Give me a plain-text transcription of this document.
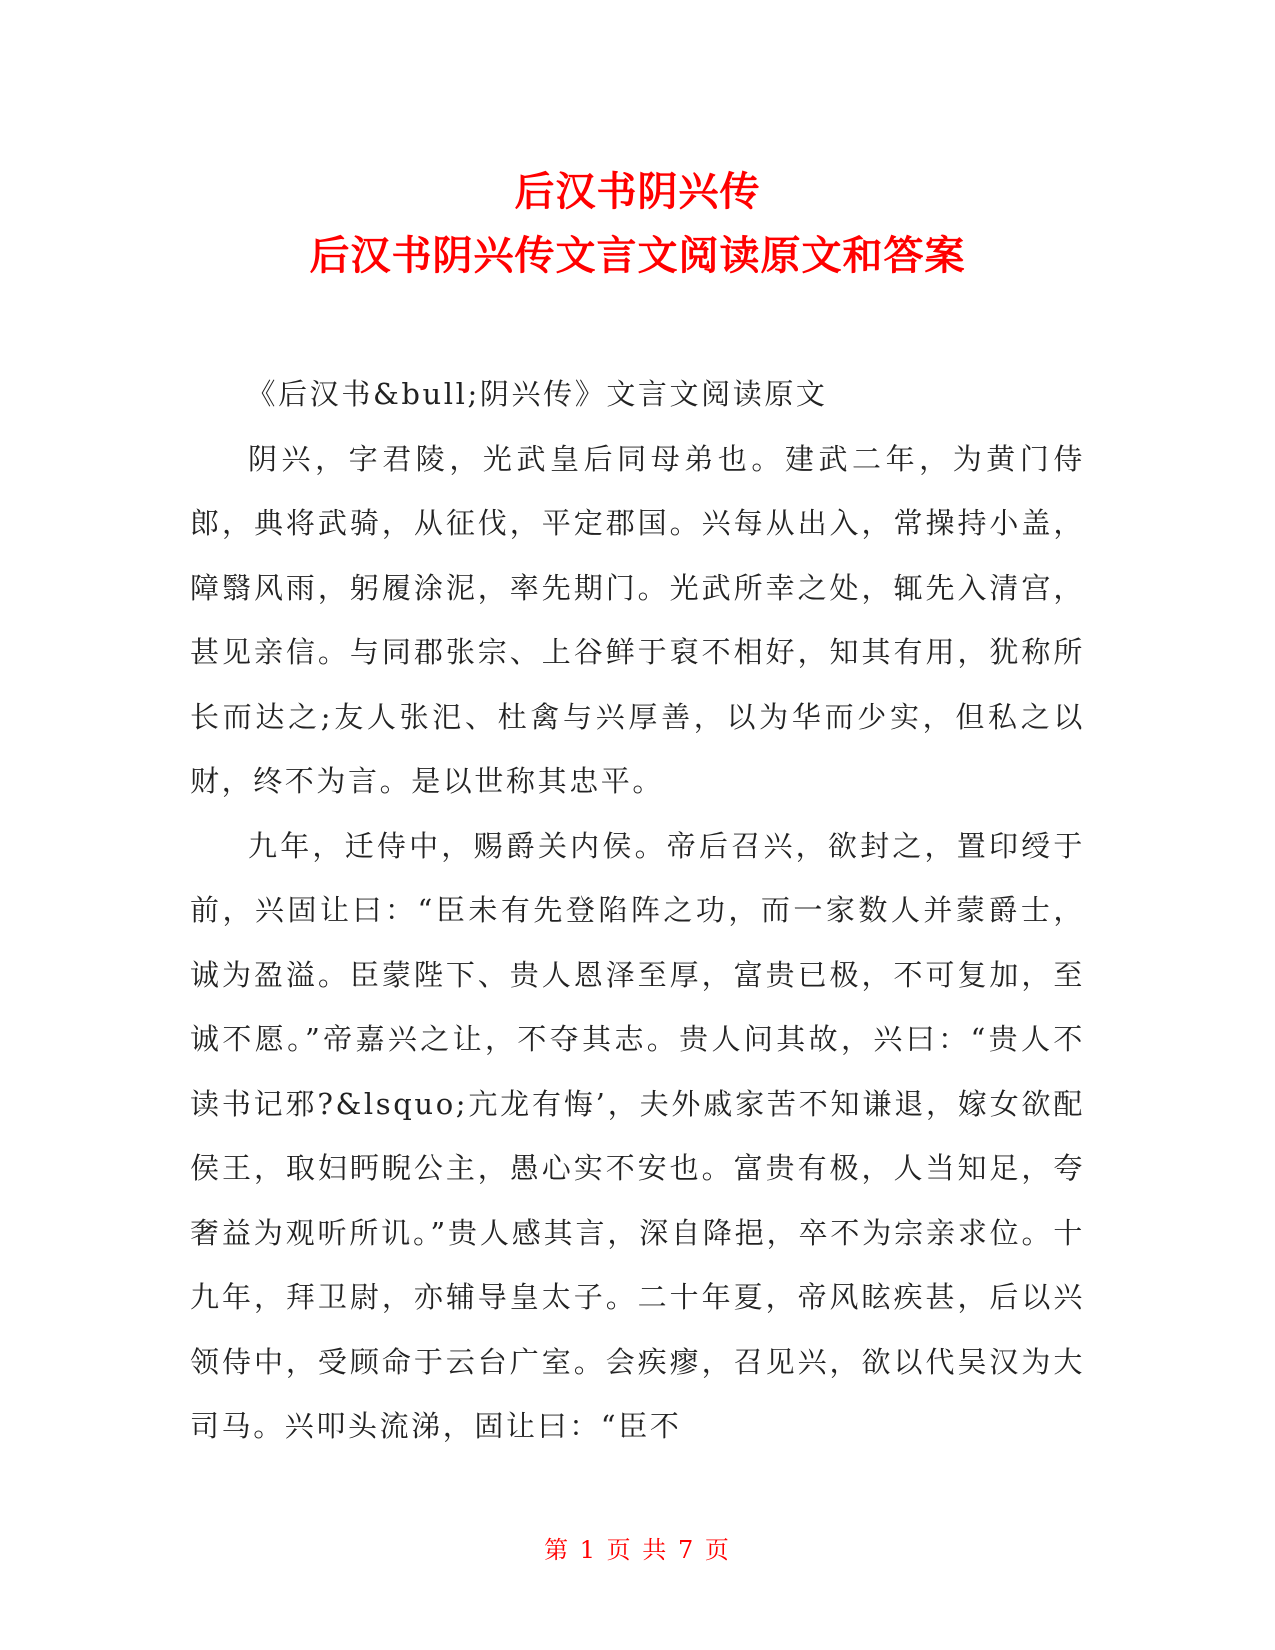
后汉书阴兴传
后汉书阴兴传文言文阅读原文和答案

《后汉书&bull;阴兴传》文言文阅读原文

阴兴，字君陵，光武皇后同母弟也。建武二年，为黄门侍郎，典将武骑，从征伐，平定郡国。兴每从出入，常操持小盖，障翳风雨，躬履涂泥，率先期门。光武所幸之处，辄先入清宫，甚见亲信。与同郡张宗、上谷鲜于裒不相好，知其有用，犹称所长而达之;友人张汜、杜禽与兴厚善，以为华而少实，但私之以财，终不为言。是以世称其忠平。

九年，迁侍中，赐爵关内侯。帝后召兴，欲封之，置印绶于前，兴固让曰：“臣未有先登陷阵之功，而一家数人并蒙爵士，诚为盈溢。臣蒙陛下、贵人恩泽至厚，富贵已极，不可复加，至诚不愿。”帝嘉兴之让，不夺其志。贵人问其故，兴曰：“贵人不读书记邪?&lsquo;亢龙有悔’，夫外戚家苦不知谦退，嫁女欲配侯王，取妇眄睨公主，愚心实不安也。富贵有极，人当知足，夸奢益为观听所讥。”贵人感其言，深自降挹，卒不为宗亲求位。十九年，拜卫尉，亦辅导皇太子。二十年夏，帝风眩疾甚，后以兴领侍中，受顾命于云台广室。会疾瘳，召见兴，欲以代吴汉为大司马。兴叩头流涕，固让曰：“臣不

第 1 页 共 7 页
